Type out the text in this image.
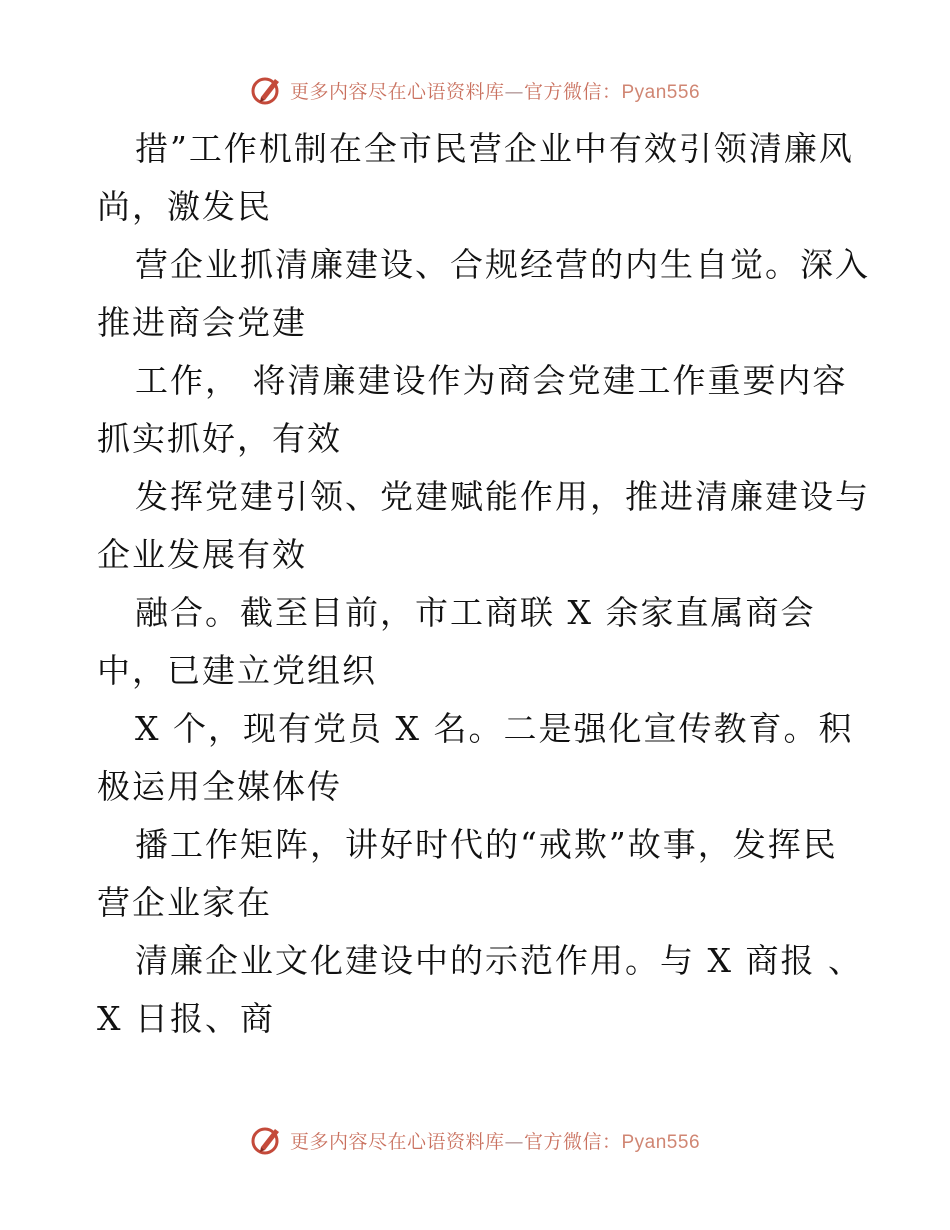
更多内容尽在心语资料库—官方微信：Pyan556
措”工作机制在全市民营企业中有效引领清廉风
尚，激发民
营企业抓清廉建设、合规经营的内生自觉。深入
推进商会党建
工作， 将清廉建设作为商会党建工作重要内容
抓实抓好，有效
发挥党建引领、党建赋能作用，推进清廉建设与
企业发展有效
融合。截至目前，市工商联 X 余家直属商会
中，已建立党组织
X 个，现有党员 X 名。二是强化宣传教育。积
极运用全媒体传
播工作矩阵，讲好时代的“戒欺”故事，发挥民
营企业家在
清廉企业文化建设中的示范作用。与 X 商报 、
X 日报、商
更多内容尽在心语资料库—官方微信：Pyan556
